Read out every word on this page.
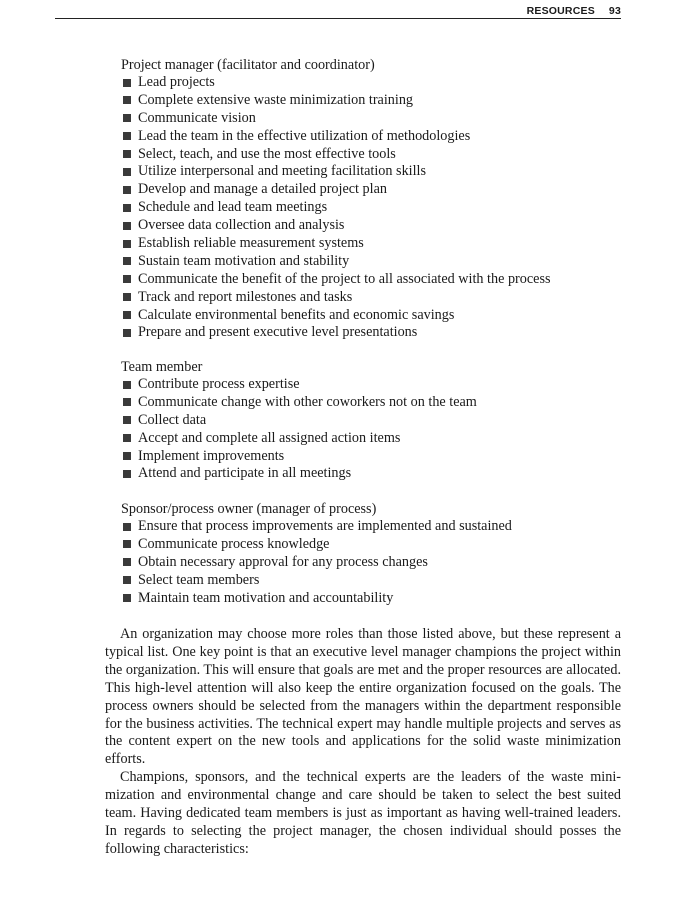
RESOURCES 93
Project manager (facilitator and coordinator)
Lead projects
Complete extensive waste minimization training
Communicate vision
Lead the team in the effective utilization of methodologies
Select, teach, and use the most effective tools
Utilize interpersonal and meeting facilitation skills
Develop and manage a detailed project plan
Schedule and lead team meetings
Oversee data collection and analysis
Establish reliable measurement systems
Sustain team motivation and stability
Communicate the benefit of the project to all associated with the process
Track and report milestones and tasks
Calculate environmental benefits and economic savings
Prepare and present executive level presentations
Team member
Contribute process expertise
Communicate change with other coworkers not on the team
Collect data
Accept and complete all assigned action items
Implement improvements
Attend and participate in all meetings
Sponsor/process owner (manager of process)
Ensure that process improvements are implemented and sustained
Communicate process knowledge
Obtain necessary approval for any process changes
Select team members
Maintain team motivation and accountability

An organization may choose more roles than those listed above, but these represent a typical list. One key point is that an executive level manager champions the project within the organization. This will ensure that goals are met and the proper resources are allocated. This high-level attention will also keep the entire organization focused on the goals. The process owners should be selected from the managers within the department responsible for the business activities. The technical expert may handle multiple projects and serves as the content expert on the new tools and applications for the solid waste minimization efforts.

Champions, sponsors, and the technical experts are the leaders of the waste minimization and environmental change and care should be taken to select the best suited team. Having dedicated team members is just as important as having well-trained leaders. In regards to selecting the project manager, the chosen individual should posses the following characteristics:
